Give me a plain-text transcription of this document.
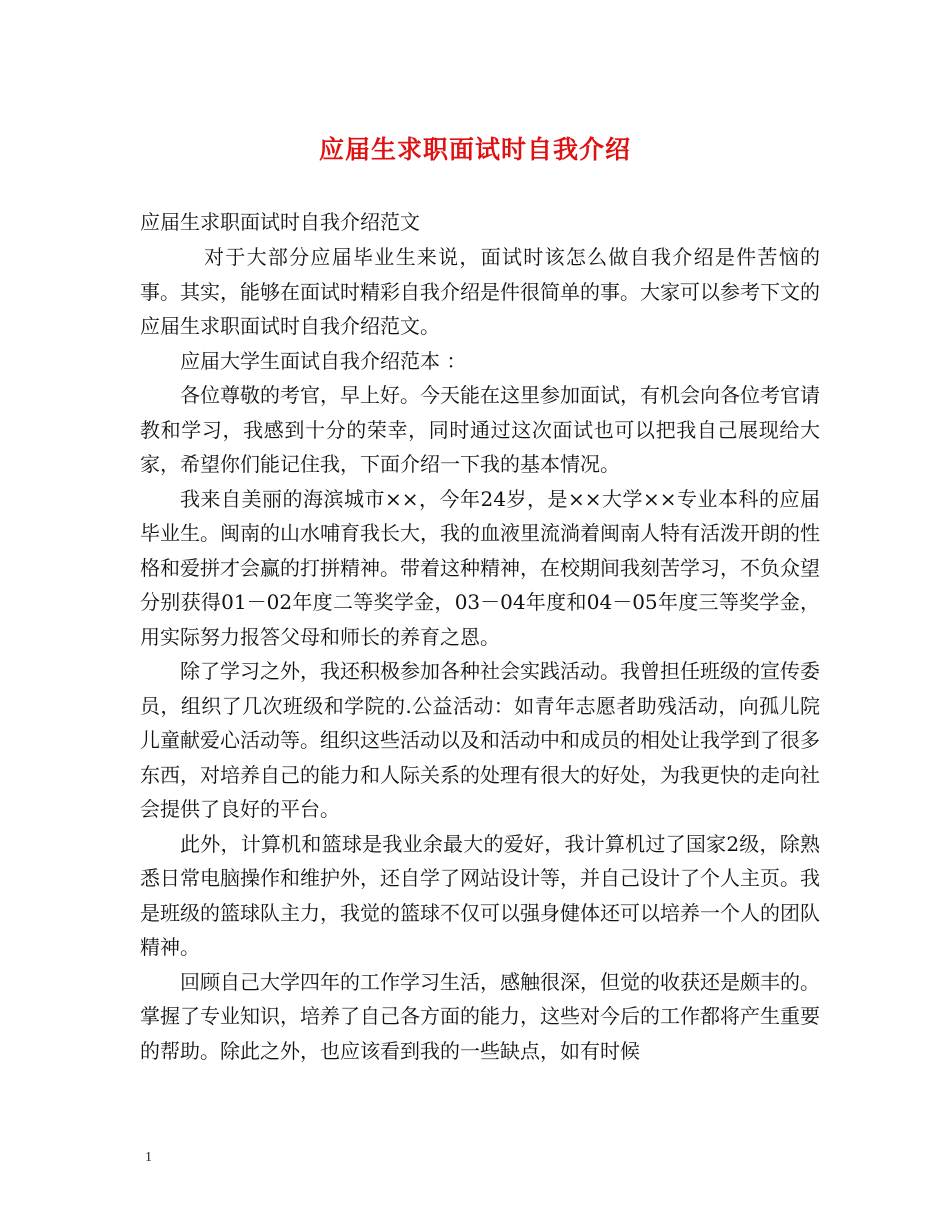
应届生求职面试时自我介绍
应届生求职面试时自我介绍范文

对于大部分应届毕业生来说，面试时该怎么做自我介绍是件苦恼的事。其实，能够在面试时精彩自我介绍是件很简单的事。大家可以参考下文的应届生求职面试时自我介绍范文。

应届大学生面试自我介绍范本 ：

各位尊敬的考官，早上好。今天能在这里参加面试，有机会向各位考官请教和学习，我感到十分的荣幸，同时通过这次面试也可以把我自己展现给大家，希望你们能记住我，下面介绍一下我的基本情况。

我来自美丽的海滨城市××，今年24岁，是××大学××专业本科的应届毕业生。闽南的山水哺育我长大，我的血液里流淌着闽南人特有活泼开朗的性格和爱拼才会赢的打拼精神。带着这种精神，在校期间我刻苦学习，不负众望分别获得01－02年度二等奖学金，03－04年度和04－05年度三等奖学金，用实际努力报答父母和师长的养育之恩。

除了学习之外，我还积极参加各种社会实践活动。我曾担任班级的宣传委员，组织了几次班级和学院的.公益活动：如青年志愿者助残活动，向孤儿院儿童献爱心活动等。组织这些活动以及和活动中和成员的相处让我学到了很多东西，对培养自己的能力和人际关系的处理有很大的好处，为我更快的走向社会提供了良好的平台。

此外，计算机和篮球是我业余最大的爱好，我计算机过了国家2级，除熟悉日常电脑操作和维护外，还自学了网站设计等，并自己设计了个人主页。我是班级的篮球队主力，我觉的篮球不仅可以强身健体还可以培养一个人的团队精神。

回顾自己大学四年的工作学习生活，感触很深，但觉的收获还是颇丰的。掌握了专业知识，培养了自己各方面的能力，这些对今后的工作都将产生重要的帮助。除此之外，也应该看到我的一些缺点，如有时候

1
